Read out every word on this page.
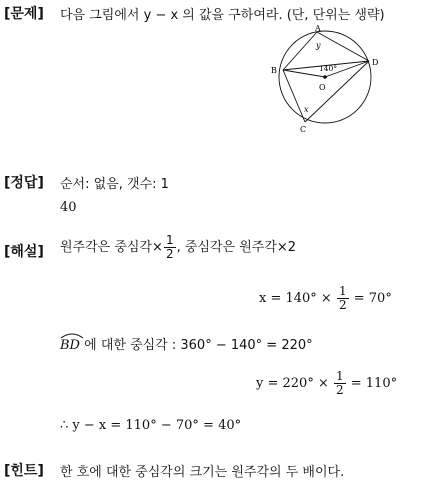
[문제] 다음 그림에서 y − x 의 값을 구하여라. (단, 단위는 생략)
A
B
C
D
O
140°
y
x
[정답] 순서: 없음, 갯수: 1
40
[해설] 원주각은 중심각× $\frac{1}{2}$ , 중심각은 원주각×2
$x = 140^\circ \times \frac{1}{2} = 70^\circ$
BD 에 대한 중심각 : 360° − 140° = 220°
$y = 220^\circ \times \frac{1}{2} = 110^\circ$
∴ y − x = 110° − 70° = 40°
[힌트] 한 호에 대한 중심각의 크기는 원주각의 두 배이다.
